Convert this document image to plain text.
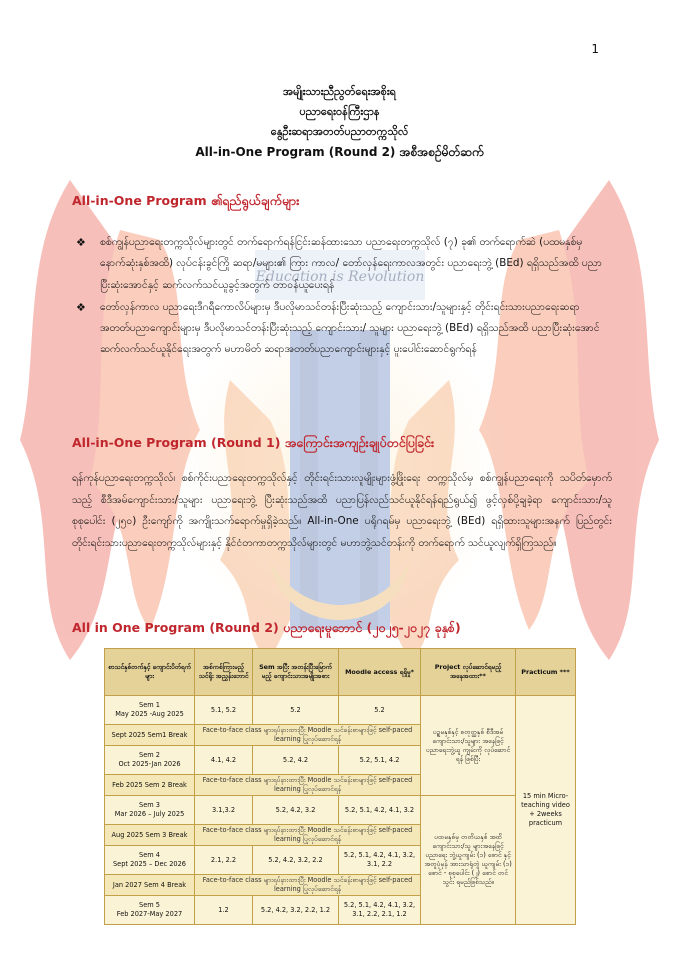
Education is Revolution
1
အမျိုးသားညီညွတ်ရေးအစိုးရ
ပညာရေးဝန်ကြီးဌာန
နွေဦးဆရာအတတ်ပညာတက္ကသိုလ်
All-in-One Program (Round 2) အစီအစဉ်မိတ်ဆက်
All-in-One Program ၏ရည်ရွယ်ချက်များ
❖ စစ်ကျွန်ပညာရေးတက္ကသိုလ်များတွင် တက်ရောက်ရန်ငြင်းဆန်ထားသော ပညာရေးတက္ကသိုလ် (၇) ခု၏ တက်ရောက်ဆဲ (ပထမနှစ်မှ နောက်ဆုံးနှစ်အထိ) လုပ်ငန်းခွင်ကြို ဆရာ/မများ၏ ကြား ကာလ/ တော်လှန်ရေးကာလအတွင်း ပညာရေးဘွဲ့ (BEd) ရရှိသည်အထိ ပညာပြီးဆုံးအောင်နှင့် ဆက်လက်သင်ယူခွင့်အတွက် တာဝန်ယူပေးရန်
❖ တော်လှန်ကာလ ပညာရေးဒီဂရီကောလိပ်များမှ ဒီပလိုမာသင်တန်းပြီးဆုံးသည့် ကျောင်းသား/သူများနှင့် တိုင်းရင်းသားပညာရေးဆရာအတတ်ပညာကျောင်းများမှ ဒီပလိုမာသင်တန်းပြီးဆုံးသည့် ကျောင်းသား/ သူများ ပညာရေးဘွဲ့ (BEd) ရရှိသည်အထိ ပညာပြီးဆုံးအောင်ဆက်လက်သင်ယူနိုင်ရေးအတွက် မဟာမိတ် ဆရာအတတ်ပညာကျောင်းများနှင့် ပူးပေါင်းဆောင်ရွက်ရန်
All-in-One Program (Round 1) အကြောင်းအကျဉ်းချုပ်တင်ပြခြင်း
ရန်ကုန်ပညာရေးတက္ကသိုလ်၊ စစ်ကိုင်းပညာရေးတက္ကသိုလ်နှင့် တိုင်းရင်းသားလူမျိုးများဖွံ့ဖြိုးရေး တက္ကသိုလ်မှ စစ်ကျွန်ပညာရေးကို သပိတ်မှောက်သည့် စီဒီအမ်ကျောင်းသား/သူများ ပညာရေးဘွဲ့ ပြီးဆုံးသည်အထိ ပညာပြန်လည်သင်ယူနိုင်ရန်ရည်ရွယ်၍ ဖွင့်လှစ်ပို့ချခဲ့ရာ ကျောင်းသား/သူ စုစုပေါင်း (၂၅၀) ဦးကျော်ကို အကျိုးသက်ရောက်မှုရှိခဲ့သည်။ All-in-One ပရိုဂရမ်မှ ပညာရေးဘွဲ့ (BEd) ရရှိထားသူများအနက် ပြည်တွင်း တိုင်းရင်းသားပညာရေးတက္ကသိုလ်များနှင့် နိုင်ငံတကာတက္ကသိုလ်များတွင် မဟာဘွဲ့သင်တန်းကို တက်ရောက် သင်ယူလျက်ရှိကြသည်။
All in One Program (Round 2) ပညာရေးမူဘောင် (၂၀၂၅-၂၀၂၇ ခုနှစ်)
စာသင်နှစ်တက်နှင့် ကျောင်းပိတ်ရက်များ	အစ်ကစ်ကြားမည့်သင်ရိုး အညွှန်းဘောင်	Sem အပြီး အတန်းပြီးမြောက်မည့် ကျောင်းသားအမျိုးအစား	Moodle access ရရှိမှု*	Project လုပ်ဆောင်ရမည့်အနေအထား**	Practicum ***
Sem 1
May 2025 -Aug 2025	5.1, 5.2	5.2	5.2	ပဉ္စမနှစ်နှင့် စတုတ္ထနှစ် စီဒီအမ် ကျောင်းသား/သူများ အနေဖြင့် ပညာရေးဘွဲ့ယူ ကျမ်းကို လုပ်ဆောင်ရန် ဖြစ်ပြီး	15 min Micro-teaching video + 2weeks practicum
Sept 2025 Sem1 Break	Face-to-face class များရပ်နားထားပြီး Moodle သင်ခန်းစာများဖြင့် self-paced learning ပြုလုပ်ဆောင်ရန်				
Sem 2
Oct 2025-Jan 2026	4.1, 4.2	5.2, 4.2	5.2, 5.1, 4.2		
Feb 2025 Sem 2 Break	Face-to-face class များရပ်နားထားပြီး Moodle သင်ခန်းစာများဖြင့် self-paced learning ပြုလုပ်ဆောင်ရန်				
Sem 3
Mar 2026 – July 2025	3.1,3.2	5.2, 4.2, 3.2	5.2, 5.1, 4.2, 4.1, 3.2	ပထမနှစ်မှ တတိယနှစ် အထိ ကျောင်းသား/သူ များအနေဖြင့် ပညာရေး ဘွဲ့ယူကျမ်း (၁) စောင် နှင့် အတူပုံမှန် အားသာရုံတွဲ ယူကျမ်း (၁) စောင် - စုစုပေါင်း (၂) စောင် တင်သွင်း ရမည်ဖြစ်သည်။	
Aug 2025 Sem 3 Break	Face-to-face class များရပ်နားထားပြီး Moodle သင်ခန်းစာများဖြင့် self-paced learning ပြုလုပ်ဆောင်ရန်				
Sem 4
Sept 2025 – Dec 2026	2.1, 2.2	5.2, 4.2, 3.2, 2.2	5.2, 5.1, 4.2, 4.1, 3.2, 3.1, 2.2		
Jan 2027 Sem 4 Break	Face-to-face class များရပ်နားထားပြီး Moodle သင်ခန်းစာများဖြင့် self-paced learning ပြုလုပ်ဆောင်ရန်				
Sem 5
Feb 2027-May 2027	1.2	5.2, 4.2, 3.2, 2.2, 1.2	5.2, 5.1, 4.2, 4.1, 3.2, 3.1, 2.2, 2.1, 1.2		
